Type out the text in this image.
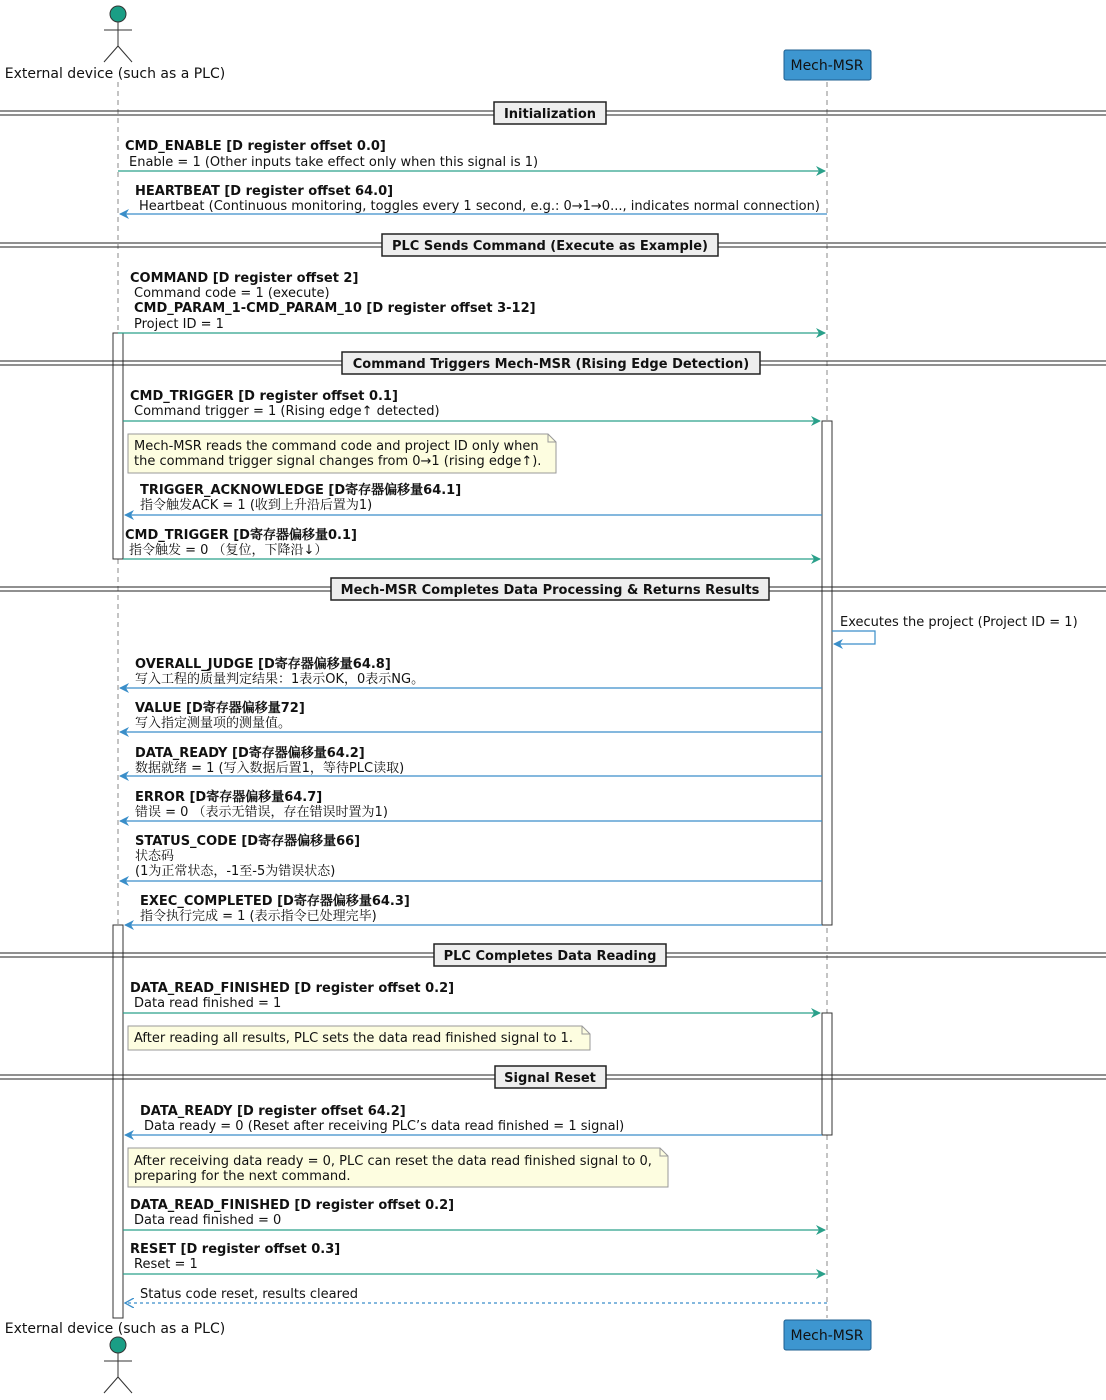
External device (such as a PLC)	Mech-MSR
External device (such as a PLC)	Mech-MSR
Initialization
PLC Sends Command (Execute as Example)
Command Triggers Mech-MSR (Rising Edge Detection)
Mech-MSR Completes Data Processing & Returns Results
PLC Completes Data Reading
Signal Reset
CMD_ENABLE [D register offset 0.0]
Enable = 1 (Other inputs take effect only when this signal is 1)
HEARTBEAT [D register offset 64.0]
Heartbeat (Continuous monitoring, toggles every 1 second, e.g.: 0→1→0..., indicates normal connection)
COMMAND [D register offset 2]
Command code = 1 (execute)
CMD_PARAM_1-CMD_PARAM_10 [D register offset 3-12]
Project ID = 1
CMD_TRIGGER [D register offset 0.1]
Command trigger = 1 (Rising edge↑ detected)
Mech-MSR reads the command code and project ID only when
the command trigger signal changes from 0→1 (rising edge↑).
TRIGGER_ACKNOWLEDGE [D寄存器偏移量64.1]
指令触发ACK = 1 (收到上升沿后置为1)
CMD_TRIGGER [D寄存器偏移量0.1]
指令触发 = 0 （复位，下降沿↓）
Executes the project (Project ID = 1)
OVERALL_JUDGE [D寄存器偏移量64.8]
写入工程的质量判定结果：1表示OK，0表示NG。
VALUE [D寄存器偏移量72]
写入指定测量项的测量值。
DATA_READY [D寄存器偏移量64.2]
数据就绪 = 1 (写入数据后置1，等待PLC读取)
ERROR [D寄存器偏移量64.7]
错误 = 0 （表示无错误，存在错误时置为1)
STATUS_CODE [D寄存器偏移量66]
状态码
(1为正常状态，-1至-5为错误状态)
EXEC_COMPLETED [D寄存器偏移量64.3]
指令执行完成 = 1 (表示指令已处理完毕)
DATA_READ_FINISHED [D register offset 0.2]
Data read finished = 1
After reading all results, PLC sets the data read finished signal to 1.
DATA_READY [D register offset 64.2]
Data ready = 0 (Reset after receiving PLC’s data read finished = 1 signal)
After receiving data ready = 0, PLC can reset the data read finished signal to 0,
preparing for the next command.
DATA_READ_FINISHED [D register offset 0.2]
Data read finished = 0
RESET [D register offset 0.3]
Reset = 1
Status code reset, results cleared
